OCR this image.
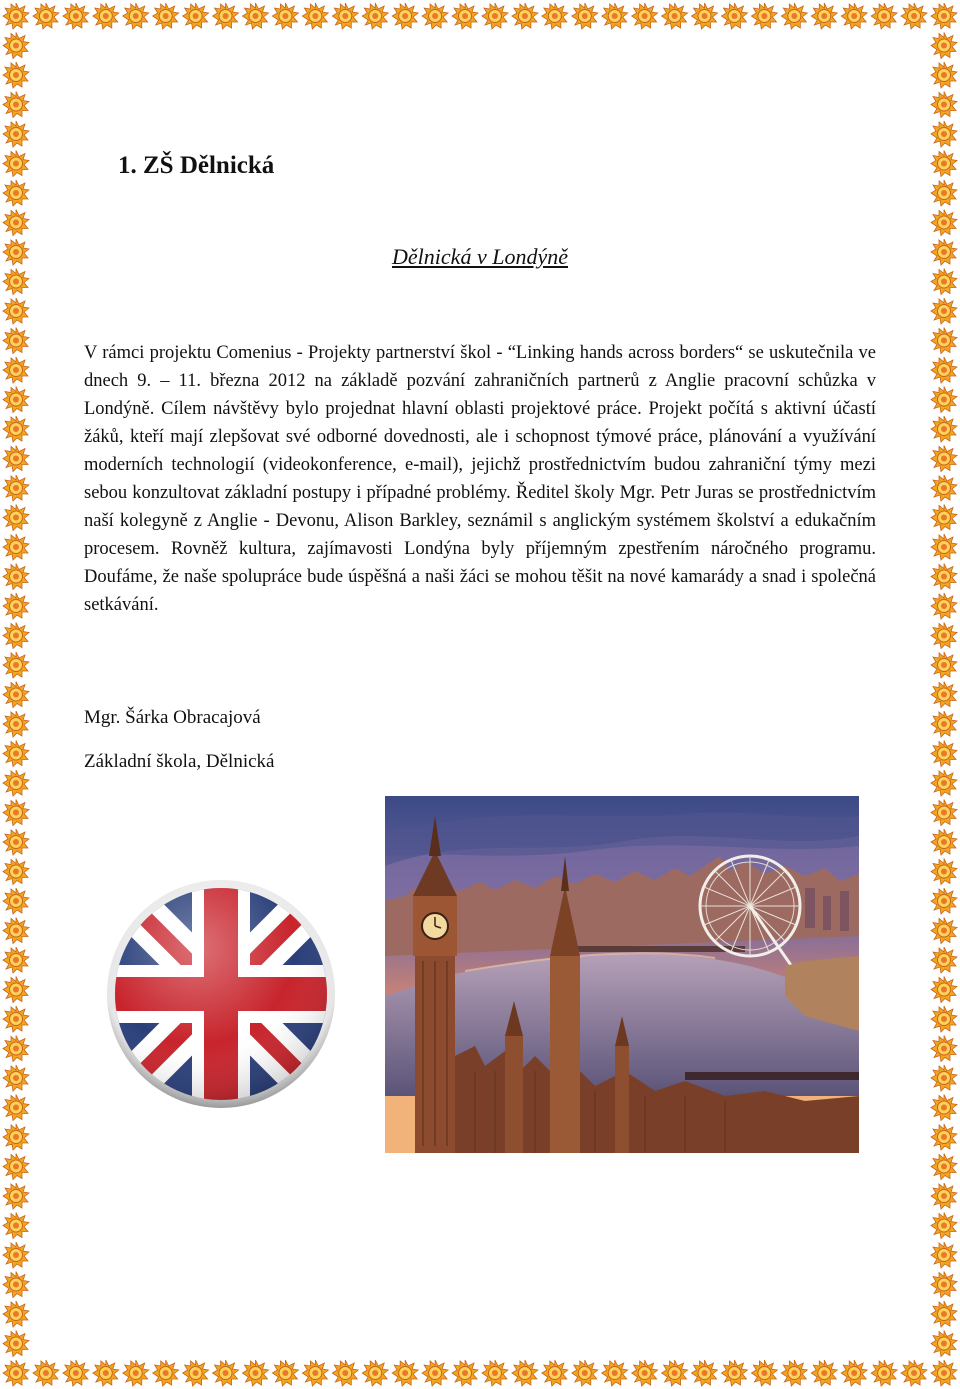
1. ZŠ Dělnická

Dělnická v Londýně

V rámci projektu Comenius - Projekty partnerství škol - “Linking hands across borders“ se uskutečnila ve dnech 9. – 11. března 2012 na základě pozvání zahraničních partnerů z Anglie pracovní schůzka v Londýně. Cílem návštěvy bylo projednat hlavní oblasti projektové práce. Projekt počítá s aktivní účastí žáků, kteří mají zlepšovat své odborné dovednosti, ale i schopnost týmové práce, plánování a využívání moderních technologií (videokonference, e-mail), jejichž prostřednictvím budou zahraniční týmy mezi sebou konzultovat základní postupy i případné problémy. Ředitel školy Mgr. Petr Juras se prostřednictvím naší kolegyně z Anglie - Devonu, Alison Barkley, seznámil s anglickým systémem školství a edukačním procesem. Rovněž kultura, zajímavosti Londýna byly příjemným zpestřením náročného programu. Doufáme, že naše spolupráce bude úspěšná a naši žáci se mohou těšit na nové kamarády a snad i společná setkávání.

Mgr. Šárka Obracajová

Základní škola, Dělnická
